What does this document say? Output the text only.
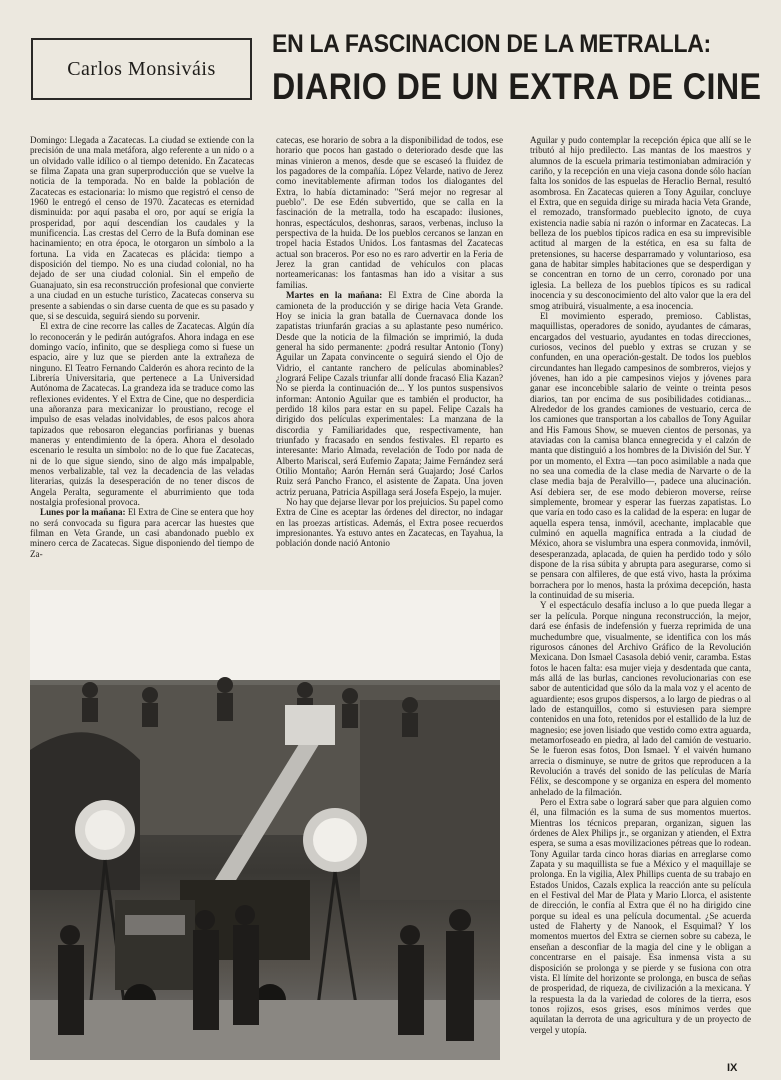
Carlos Monsiváis
EN LA FASCINACION DE LA METRALLA:
DIARIO DE UN EXTRA DE CINE

Domingo: Llegada a Zacatecas. La ciudad se extiende con la precisión de una mala metáfora, algo referente a un nido o a un olvidado valle idílico o al tiempo detenido. En Zacatecas se filma Zapata una gran superproducción que se vuelve la noticia de la temporada. No en balde la población de Zacatecas es estacionaria: lo mismo que registró el censo de 1960 le entregó el censo de 1970. Zacatecas es eternidad disminuida: por aquí pasaba el oro, por aquí se erigía la prosperidad, por aquí descendían los caudales y la munificencia. Las crestas del Cerro de la Bufa dominan ese hacinamiento; en otra época, le otorgaron un símbolo a la fortuna. La vida en Zacatecas es plácida: tiempo a disposición del tiempo. No es una ciudad colonial, no ha dejado de ser una ciudad colonial. Sin el empeño de Guanajuato, sin esa reconstrucción profesional que convierte a una ciudad en un estuche turístico, Zacatecas conserva su presente a sabiendas o sin darse cuenta de que es su pasado y que, si se descuida, seguirá siendo su porvenir.

El extra de cine recorre las calles de Zacatecas. Algún día lo reconocerán y le pedirán autógrafos. Ahora indaga en ese domingo vacío, infinito, que se despliega como si fuese un espacio, aire y luz que se pierden ante la extrañeza de ninguno. El Teatro Fernando Calderón es ahora recinto de la Librería Universitaria, que pertenece a La Universidad Autónoma de Zacatecas. La grandeza ida se traduce como las reflexiones evidentes. Y el Extra de Cine, que no desperdicia una añoranza para mexicanizar lo proustiano, recoge el impulso de esas veladas inolvidables, de esos palcos ahora tapizados que rebosaron elegancias porfirianas y buenas maneras y entendimiento de la ópera. Ahora el desolado escenario le resulta un símbolo: no de lo que fue Zacatecas, ni de lo que sigue siendo, sino de algo más impalpable, menos verbalizable, tal vez la decadencia de las veladas literarias, quizás la desesperación de no tener discos de Angela Peralta, seguramente el aburrimiento que toda nostalgia profesional provoca.

Lunes por la mañana: El Extra de Cine se entera que hoy no será convocada su figura para acercar las huestes que filman en Veta Grande, un casi abandonado pueblo ex minero cerca de Zacatecas. Sigue disponiendo del tiempo de Za-

catecas, ese horario de sobra a la disponibilidad de todos, ese horario que pocos han gastado o deteriorado desde que las minas vinieron a menos, desde que se escaseó la fluidez de los pagadores de la compañía. López Velarde, nativo de Jerez como inevitablemente afirman todos los dialogantes del Extra, lo había dictaminado: "Será mejor no regresar al pueblo". De ese Edén subvertido, que se calla en la fascinación de la metralla, todo ha escapado: ilusiones, honras, espectáculos, deshonras, saraos, verbenas, incluso la perspectiva de la huida. De los pueblos cercanos se lanzan en tropel hacia Estados Unidos. Los fantasmas del Zacatecas actual son braceros. Por eso no es raro advertir en la Feria de Jerez la gran cantidad de vehículos con placas norteamericanas: los fantasmas han ido a visitar a sus familias.

Martes en la mañana: El Extra de Cine aborda la camioneta de la producción y se dirige hacia Veta Grande. Hoy se inicia la gran batalla de Cuernavaca donde los zapatistas triunfarán gracias a su aplastante peso numérico. Desde que la noticia de la filmación se imprimió, la duda general ha sido permanente: ¿podrá resultar Antonio (Tony) Aguilar un Zapata convincente o seguirá siendo el Ojo de Vidrio, el cantante ranchero de películas abominables? ¿logrará Felipe Cazals triunfar allí donde fracasó Elia Kazan? No se pierda la continuación de... Y los puntos suspensivos informan: Antonio Aguilar que es también el productor, ha perdido 18 kilos para estar en su papel. Felipe Cazals ha dirigido dos películas experimentales: La manzana de la discordia y Familiaridades que, respectivamente, han triunfado y fracasado en sendos festivales. El reparto es interesante: Mario Almada, revelación de Todo por nada de Alberto Mariscal, será Eufemio Zapata; Jaime Fernández será Otilio Montaño; Aarón Hernán será Guajardo; José Carlos Ruiz será Pancho Franco, el asistente de Zapata. Una joven actriz peruana, Patricia Aspillaga será Josefa Espejo, la mujer.

No hay que dejarse llevar por los prejuicios. Su papel como Extra de Cine es aceptar las órdenes del director, no indagar en las proezas artísticas. Además, el Extra posee recuerdos impresionantes. Ya estuvo antes en Zacatecas, en Tayahua, la población donde nació Antonio

Aguilar y pudo contemplar la recepción épica que allí se le tributó al hijo predilecto. Las mantas de los maestros y alumnos de la escuela primaria testimoniaban admiración y cariño, y la recepción en una vieja casona donde sólo hacían falta los sonidos de las espuelas de Heraclio Bernal, resultó asombrosa. En Zacatecas quieren a Tony Aguilar, concluye el Extra, que en seguida dirige su mirada hacia Veta Grande, el remozado, transformado pueblecito ignoto, de cuya existencia nadie sabía ni razón o informar en Zacatecas. La belleza de los pueblos típicos radica en esa su imprevisible actitud al margen de la estética, en esa su falta de pretensiones, su hacerse desparramado y voluntarioso, esa gana de habitar simples habitaciones que se desperdigan y se concentran en torno de un cerro, coronado por una iglesia. La belleza de los pueblos típicos es su radical inocencia y su desconocimiento del alto valor que la era del smog atribuirá, visualmente, a esa inocencia.

El movimiento esperado, premioso. Cablistas, maquillistas, operadores de sonido, ayudantes de cámaras, encargados del vestuario, ayudantes en todas direcciones, curiosos, vecinos del pueblo y extras se cruzan y se confunden, en una operación-gestalt. De todos los pueblos circundantes han llegado campesinos de sombreros, viejos y jóvenes, han ido a pie campesinos viejos y jóvenes para ganar ese inconcebible salario de veinte o treinta pesos diarios, tan por encima de sus posibilidades cotidianas... Alrededor de los grandes camiones de vestuario, cerca de los camiones que transportan a los caballos de Tony Aguilar and His Famous Show, se mueven cientos de personas, ya ataviadas con la camisa blanca ennegrecida y el calzón de manta que distinguió a los hombres de la División del Sur. Y por un momento, el Extra —tan poco asimilable a nada que no sea una comedia de la clase media de Narvarte o de la clase media baja de Peralvillo—, padece una alucinación. Así debiera ser, de ese modo debieron moverse, reírse simplemente, bromear y esperar las fuerzas zapatistas. Lo que varía en todo caso es la calidad de la espera: en lugar de aquella espera tensa, inmóvil, acechante, implacable que culminó en aquella magnífica entrada a la ciudad de México, ahora se vislumbra una espera conmovida, inmóvil, desesperanzada, aplacada, de quien ha perdido todo y sólo dispone de la risa súbita y abrupta para asegurarse, como si se pensara con alfileres, de que está vivo, hasta la próxima borrachera por lo menos, hasta la próxima decepción, hasta la continuidad de su miseria.

Y el espectáculo desafía incluso a lo que pueda llegar a ser la película. Porque ninguna reconstrucción, la mejor, dará ese énfasis de indefensión y fuerza reprimida de una muchedumbre que, visualmente, se identifica con los más rigurosos cánones del Archivo Gráfico de la Revolución Mexicana. Don Ismael Casasola debió venir, caramba. Estas fotos le hacen falta: esa mujer vieja y desdentada que canta, más allá de las burlas, canciones revolucionarias con ese sabor de autenticidad que sólo da la mala voz y el acento de aguardiente; esos grupos dispersos, a lo largo de piedras o al lado de estanquillos, como si estuviesen para siempre contenidos en una foto, retenidos por el estallido de la luz de magnesio; ese joven lisiado que vestido como extra aguarda, metamorfoseado en piedra, al lado del camión de vestuario. Se le fueron esas fotos, Don Ismael. Y el vaivén humano arrecia o disminuye, se nutre de gritos que reproducen a la Revolución a través del sonido de las películas de María Félix, se descompone y se organiza en espera del momento anhelado de la filmación.

Pero el Extra sabe o logrará saber que para alguien como él, una filmación es la suma de sus momentos muertos. Mientras los técnicos preparan, organizan, siguen las órdenes de Alex Philips jr., se organizan y atienden, el Extra espera, se suma a esas movilizaciones pétreas que lo rodean. Tony Aguilar tarda cinco horas diarias en arreglarse como Zapata y su maquillista se fue a México y el maquillaje se prolonga. En la vigilia, Alex Phillips cuenta de su trabajo en Estados Unidos, Cazals explica la reacción ante su película en el Festival del Mar de Plata y Mario Llorca, el asistente de dirección, le confía al Extra que él no ha dirigido cine porque su ideal es una película documental. ¿Se acuerda usted de Flaherty y de Nanook, el Esquimal? Y los momentos muertos del Extra se ciernen sobre su cabeza, le enseñan a desconfiar de la magia del cine y le obligan a concentrarse en el paisaje. Esa inmensa vista a su disposición se prolonga y se pierde y se fusiona con otra vista. El límite del horizonte se prolonga, en busca de señas de prosperidad, de riqueza, de civilización a la mexicana. Y la respuesta la da la variedad de colores de la tierra, esos tonos rojizos, esos grises, esos mínimos verdes que aquilatan la derrota de una agricultura y de un proyecto de vergel y utopía.

IX
